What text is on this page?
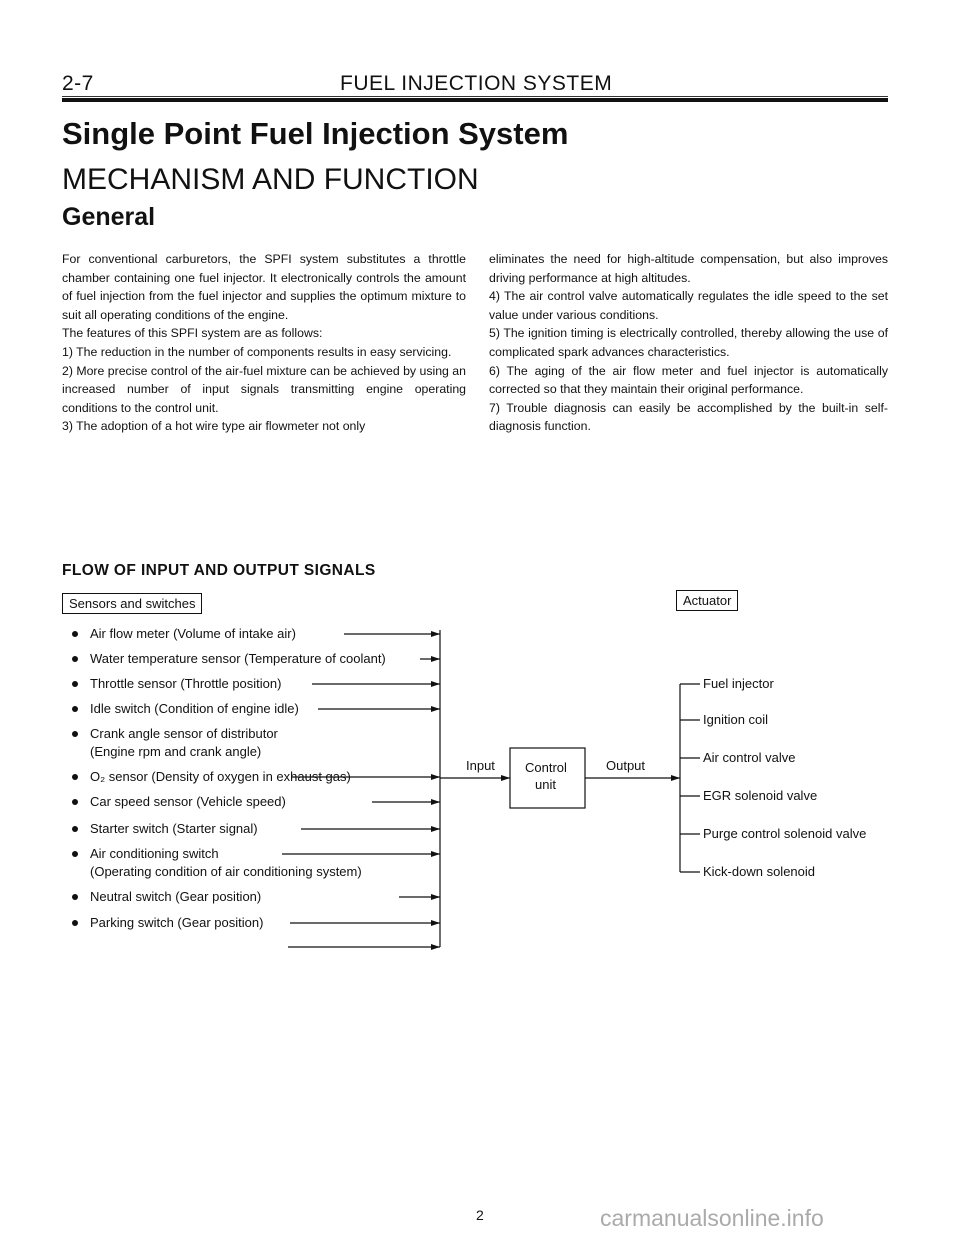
2-7	FUEL INJECTION SYSTEM
Single Point Fuel Injection System
MECHANISM AND FUNCTION
General

For conventional carburetors, the SPFI system substitutes a throttle chamber containing one fuel injector. It electronically controls the amount of fuel injection from the fuel injector and supplies the optimum mixture to suit all operating conditions of the engine.

The features of this SPFI system are as follows:

1) The reduction in the number of components results in easy servicing.

2) More precise control of the air-fuel mixture can be achieved by using an increased number of input signals transmitting engine operating conditions to the control unit.

3) The adoption of a hot wire type air flowmeter not only

eliminates the need for high-altitude compensation, but also improves driving performance at high altitudes.

4) The air control valve automatically regulates the idle speed to the set value under various conditions.

5) The ignition timing is electrically controlled, thereby allowing the use of complicated spark advances characteristics.

6) The aging of the air flow meter and fuel injector is automatically corrected so that they maintain their original performance.

7) Trouble diagnosis can easily be accomplished by the built-in self-diagnosis function.

FLOW OF INPUT AND OUTPUT SIGNALS
Sensors and switches	Actuator
Air flow meter (Volume of intake air)
Water temperature sensor (Temperature of coolant)
Throttle sensor (Throttle position)
Idle switch (Condition of engine idle)
Crank angle sensor of distributor
(Engine rpm and crank angle)
O₂ sensor (Density of oxygen in exhaust gas)
Car speed sensor (Vehicle speed)
Starter switch (Starter signal)
Air conditioning switch
(Operating condition of air conditioning system)
Neutral switch (Gear position)
Parking switch (Gear position)
Input Control
unit
Output
Fuel injector
Ignition coil
Air control valve
EGR solenoid valve
Purge control solenoid valve
Kick-down solenoid
2	carmanualsonline.info
